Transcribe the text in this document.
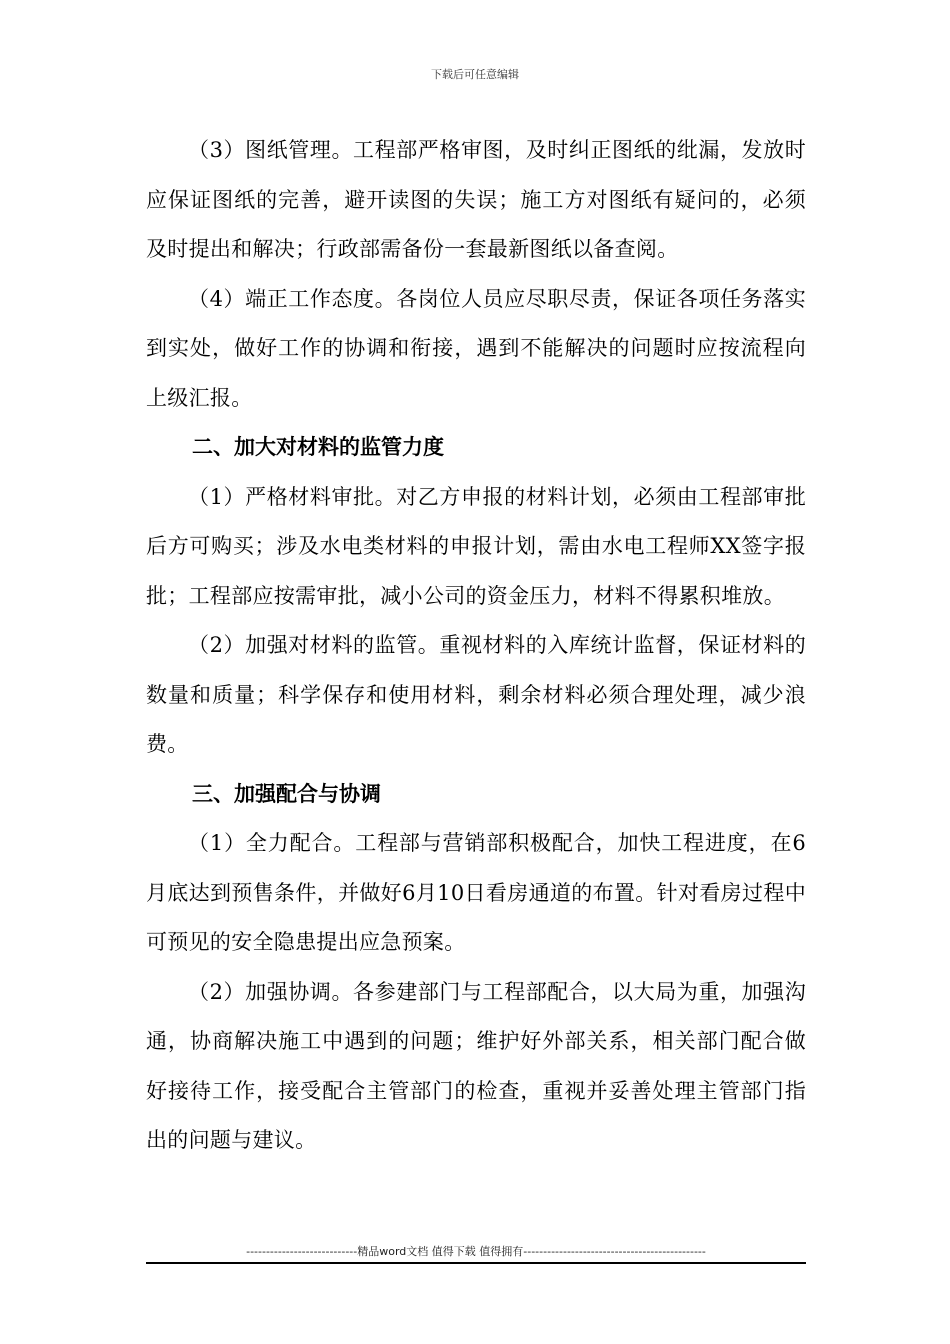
下载后可任意编辑

（3）图纸管理。工程部严格审图，及时纠正图纸的纰漏，发放时应保证图纸的完善，避开读图的失误；施工方对图纸有疑问的，必须及时提出和解决；行政部需备份一套最新图纸以备查阅。

（4）端正工作态度。各岗位人员应尽职尽责，保证各项任务落实到实处，做好工作的协调和衔接，遇到不能解决的问题时应按流程向上级汇报。

二、加大对材料的监管力度

（1）严格材料审批。对乙方申报的材料计划，必须由工程部审批后方可购买；涉及水电类材料的申报计划，需由水电工程师XX签字报批；工程部应按需审批，减小公司的资金压力，材料不得累积堆放。

（2）加强对材料的监管。重视材料的入库统计监督，保证材料的数量和质量；科学保存和使用材料，剩余材料必须合理处理，减少浪费。

三、加强配合与协调

（1）全力配合。工程部与营销部积极配合，加快工程进度，在6月底达到预售条件，并做好6月10日看房通道的布置。针对看房过程中可预见的安全隐患提出应急预案。

（2）加强协调。各参建部门与工程部配合，以大局为重，加强沟通，协商解决施工中遇到的问题；维护好外部关系，相关部门配合做好接待工作，接受配合主管部门的检查，重视并妥善处理主管部门指出的问题与建议。

----------------------------精品word文档 值得下载 值得拥有----------------------------------------------
